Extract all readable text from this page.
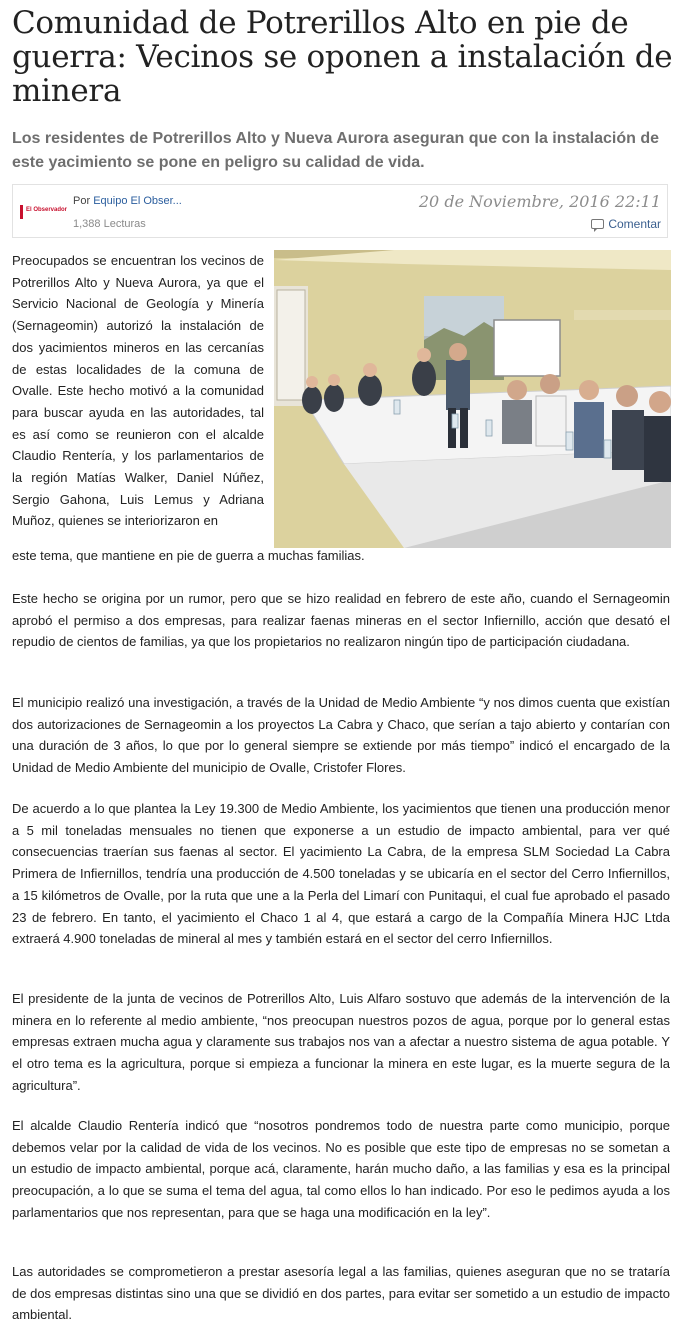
Comunidad de Potrerillos Alto en pie de guerra: Vecinos se oponen a instalación de minera

Los residentes de Potrerillos Alto y Nueva Aurora aseguran que con la instalación de este yacimiento se pone en peligro su calidad de vida.

El Observador
Por Equipo El Obser...
1,388 Lecturas
20 de Noviembre, 2016 22:11
Comentar

Preocupados se encuentran los vecinos de Potrerillos Alto y Nueva Aurora, ya que el Servicio Nacional de Geología y Minería (Sernageomin) autorizó la instalación de dos yacimientos mineros en las cercanías de estas localidades de la comuna de Ovalle. Este hecho motivó a la comunidad para buscar ayuda en las autoridades, tal es así como se reunieron con el alcalde Claudio Rentería, y los parlamentarios de la región Matías Walker, Daniel Núñez, Sergio Gahona, Luis Lemus y Adriana Muñoz, quienes se interiorizaron en

este tema, que mantiene en pie de guerra a muchas familias.

Este hecho se origina por un rumor, pero que se hizo realidad en febrero de este año, cuando el Sernageomin aprobó el permiso a dos empresas, para realizar faenas mineras en el sector Infiernillo, acción que desató el repudio de cientos de familias, ya que los propietarios no realizaron ningún tipo de participación ciudadana.

El municipio realizó una investigación, a través de la Unidad de Medio Ambiente “y nos dimos cuenta que existían dos autorizaciones de Sernageomin a los proyectos La Cabra y Chaco, que serían a tajo abierto y contarían con una duración de 3 años, lo que por lo general siempre se extiende por más tiempo” indicó el encargado de la Unidad de Medio Ambiente del municipio de Ovalle, Cristofer Flores.

De acuerdo a lo que plantea la Ley 19.300 de Medio Ambiente, los yacimientos que tienen una producción menor a 5 mil toneladas mensuales no tienen que exponerse a un estudio de impacto ambiental, para ver qué consecuencias traerían sus faenas al sector. El yacimiento La Cabra, de la empresa SLM Sociedad La Cabra Primera de Infiernillos, tendría una producción de 4.500 toneladas y se ubicaría en el sector del Cerro Infiernillos, a 15 kilómetros de Ovalle, por la ruta que une a la Perla del Limarí con Punitaqui, el cual fue aprobado el pasado 23 de febrero. En tanto, el yacimiento el Chaco 1 al 4, que estará a cargo de la Compañía Minera HJC Ltda extraerá 4.900 toneladas de mineral al mes y también estará en el sector del cerro Infiernillos.

El presidente de la junta de vecinos de Potrerillos Alto, Luis Alfaro sostuvo que además de la intervención de la minera en lo referente al medio ambiente, “nos preocupan nuestros pozos de agua, porque por lo general estas empresas extraen mucha agua y claramente sus trabajos nos van a afectar a nuestro sistema de agua potable. Y el otro tema es la agricultura, porque si empieza a funcionar la minera en este lugar, es la muerte segura de la agricultura”.

El alcalde Claudio Rentería indicó que “nosotros pondremos todo de nuestra parte como municipio, porque debemos velar por la calidad de vida de los vecinos. No es posible que este tipo de empresas no se sometan a un estudio de impacto ambiental, porque acá, claramente, harán mucho daño, a las familias y esa es la principal preocupación, a lo que se suma el tema del agua, tal como ellos lo han indicado. Por eso le pedimos ayuda a los parlamentarios que nos representan, para que se haga una modificación en la ley”.

Las autoridades se comprometieron a prestar asesoría legal a las familias, quienes aseguran que no se trataría de dos empresas distintas sino una que se dividió en dos partes, para evitar ser sometido a un estudio de impacto ambiental.
